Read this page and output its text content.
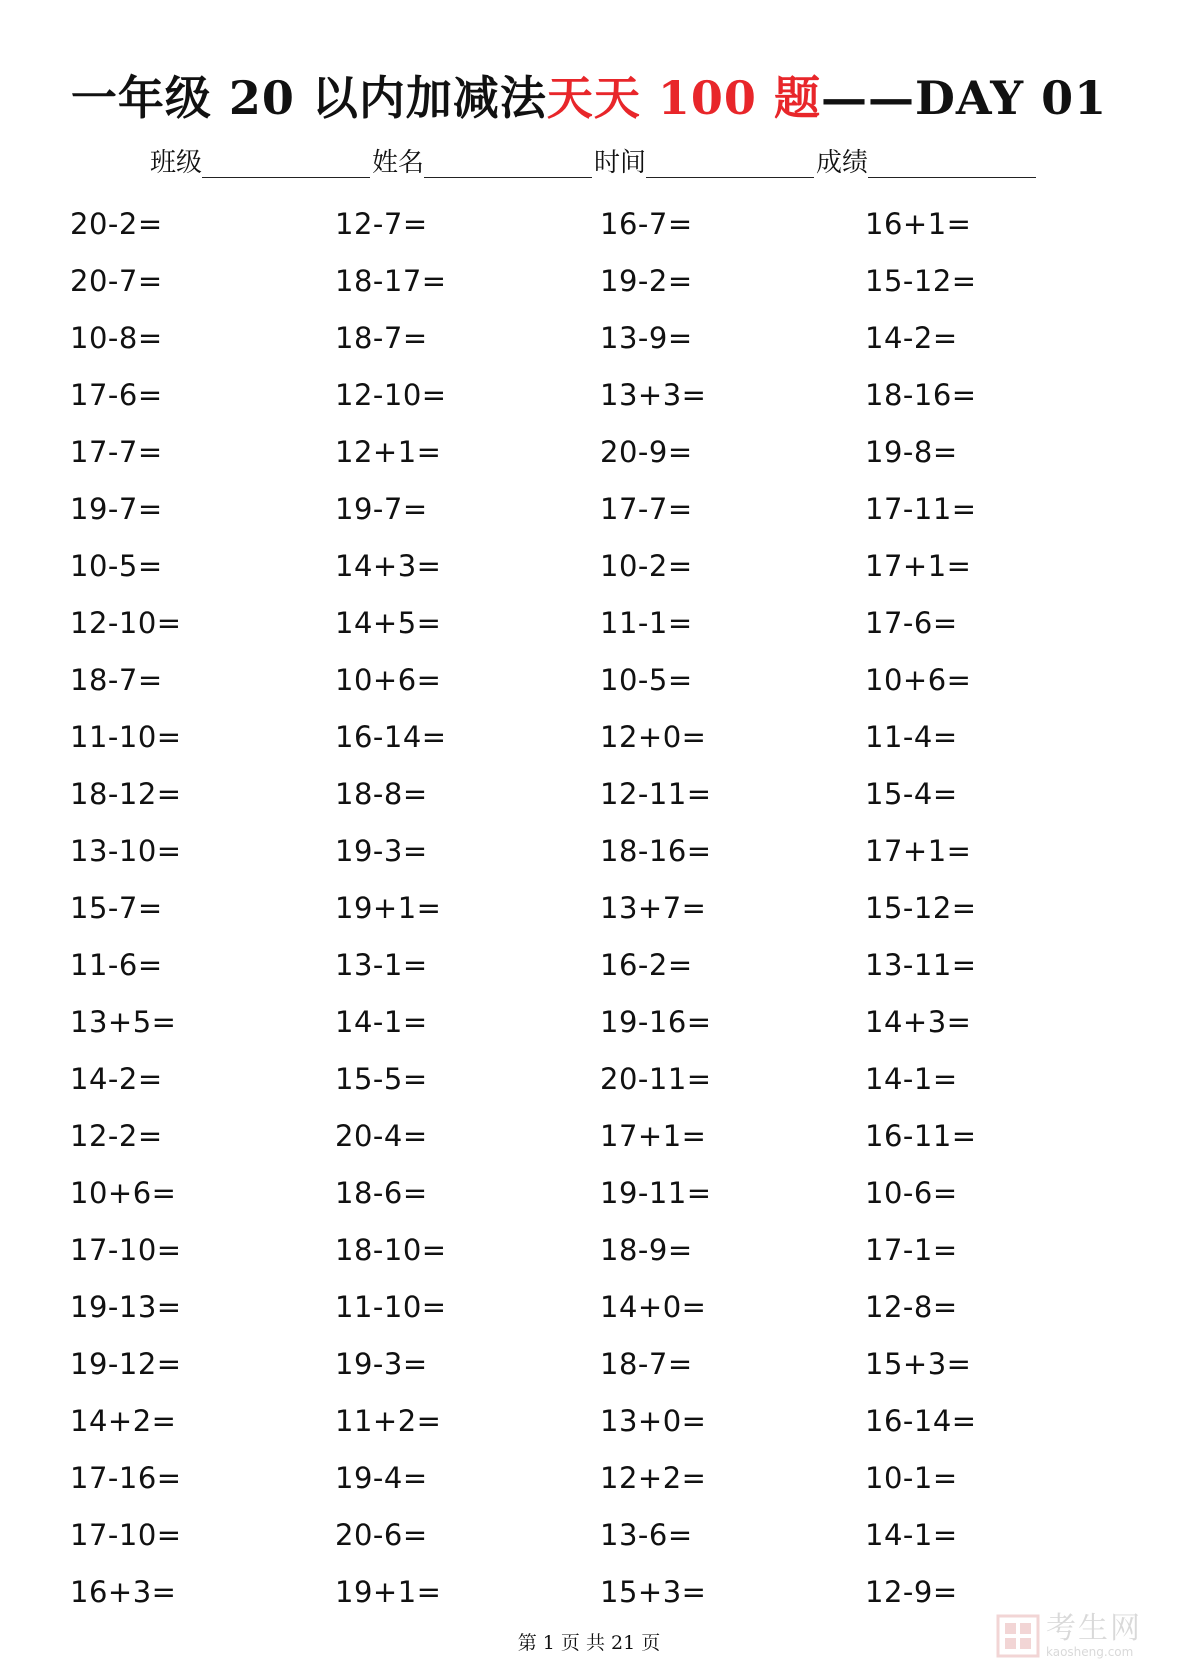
一年级 20 以内加减法天天 100 题——DAY 01
班级	姓名	时间	成绩
20-2=	12-7=	16-7=	16+1=
20-7=	18-17=	19-2=	15-12=
10-8=	18-7=	13-9=	14-2=
17-6=	12-10=	13+3=	18-16=
17-7=	12+1=	20-9=	19-8=
19-7=	19-7=	17-7=	17-11=
10-5=	14+3=	10-2=	17+1=
12-10=	14+5=	11-1=	17-6=
18-7=	10+6=	10-5=	10+6=
11-10=	16-14=	12+0=	11-4=
18-12=	18-8=	12-11=	15-4=
13-10=	19-3=	18-16=	17+1=
15-7=	19+1=	13+7=	15-12=
11-6=	13-1=	16-2=	13-11=
13+5=	14-1=	19-16=	14+3=
14-2=	15-5=	20-11=	14-1=
12-2=	20-4=	17+1=	16-11=
10+6=	18-6=	19-11=	10-6=
17-10=	18-10=	18-9=	17-1=
19-13=	11-10=	14+0=	12-8=
19-12=	19-3=	18-7=	15+3=
14+2=	11+2=	13+0=	16-14=
17-16=	19-4=	12+2=	10-1=
17-10=	20-6=	13-6=	14-1=
16+3=	19+1=	15+3=	12-9=
第 1 页 共 21 页	考生网
kaosheng.com
